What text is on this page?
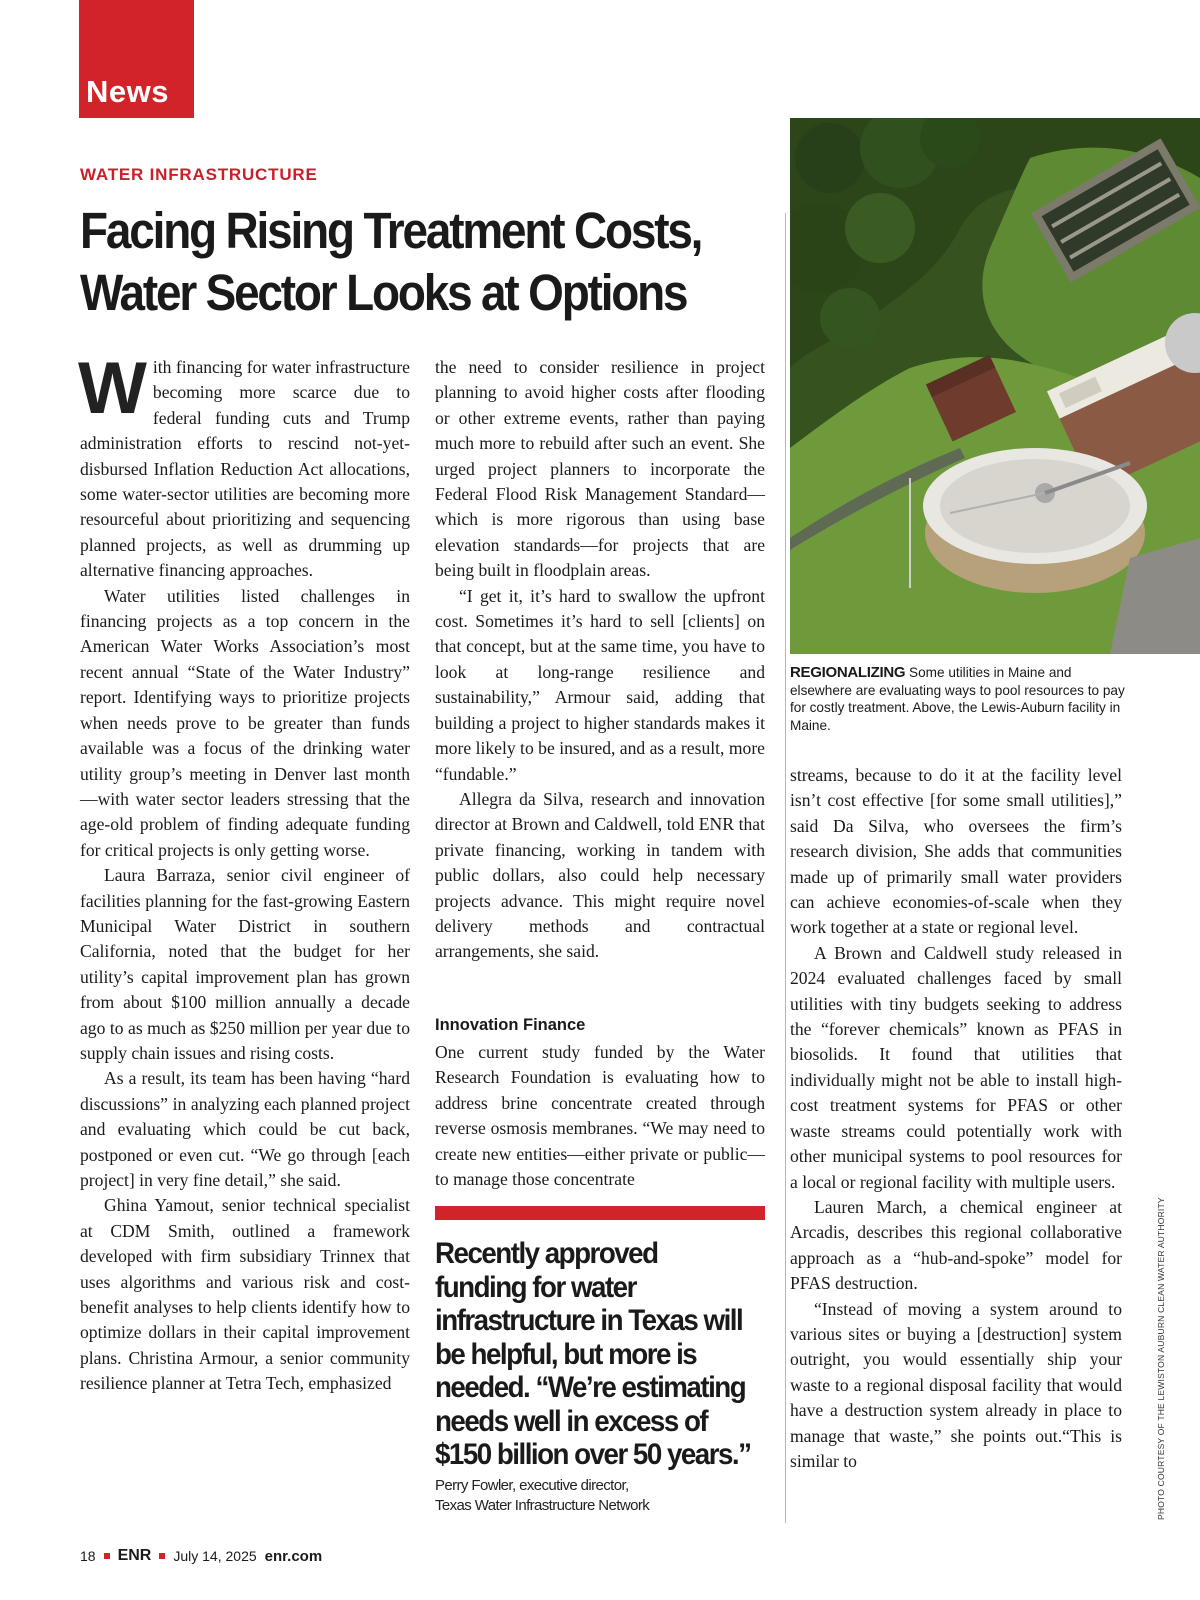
News
WATER INFRASTRUCTURE
Facing Rising Treatment Costs,
Water Sector Looks at Options

With financing for water infrastructure becoming more scarce due to federal funding cuts and Trump administration efforts to rescind not-yet-disbursed Inflation Reduction Act allocations, some water-sector utilities are becoming more resourceful about prioritizing and sequencing planned projects, as well as drumming up alternative financing approaches.

Water utilities listed challenges in financing projects as a top concern in the American Water Works Association’s most recent annual “State of the Water Industry” report. Identifying ways to prioritize projects when needs prove to be greater than funds available was a focus of the drinking water utility group’s meeting in Denver last month—with water sector leaders stressing that the age-old problem of finding adequate funding for critical projects is only getting worse.

Laura Barraza, senior civil engineer of facilities planning for the fast-growing Eastern Municipal Water District in southern California, noted that the budget for her utility’s capital improvement plan has grown from about $100 million annually a decade ago to as much as $250 million per year due to supply chain issues and rising costs.

As a result, its team has been having “hard discussions” in analyzing each planned project and evaluating which could be cut back, postponed or even cut. “We go through [each project] in very fine detail,” she said.

Ghina Yamout, senior technical specialist at CDM Smith, outlined a framework developed with firm subsidiary Trinnex that uses algorithms and various risk and cost-benefit analyses to help clients identify how to optimize dollars in their capital improvement plans. Christina Armour, a senior community resilience planner at Tetra Tech, emphasized

the need to consider resilience in project planning to avoid higher costs after flooding or other extreme events, rather than paying much more to rebuild after such an event. She urged project planners to incorporate the Federal Flood Risk Management Standard—which is more rigorous than using base elevation standards—for projects that are being built in floodplain areas.

“I get it, it’s hard to swallow the upfront cost. Sometimes it’s hard to sell [clients] on that concept, but at the same time, you have to look at long-range resilience and sustainability,” Armour said, adding that building a project to higher standards makes it more likely to be insured, and as a result, more “fundable.”

Allegra da Silva, research and innovation director at Brown and Caldwell, told ENR that private financing, working in tandem with public dollars, also could help necessary projects advance. This might require novel delivery methods and contractual arrangements, she said.

Innovation Finance

One current study funded by the Water Research Foundation is evaluating how to address brine concentrate created through reverse osmosis membranes. “We may need to create new entities—either private or public—to manage those concentrate

Recently approved funding for water infrastructure in Texas will be helpful, but more is needed. “We’re estimating needs well in excess of $150 billion over 50 years.”
Perry Fowler, executive director,
Texas Water Infrastructure Network
REGIONALIZING Some utilities in Maine and elsewhere are evaluating ways to pool resources to pay for costly treatment. Above, the Lewis-Auburn facility in Maine.

streams, because to do it at the facility level isn’t cost effective [for some small utilities],” said Da Silva, who oversees the firm’s research division, She adds that communities made up of primarily small water providers can achieve economies-of-scale when they work together at a state or regional level.

A Brown and Caldwell study released in 2024 evaluated challenges faced by small utilities with tiny budgets seeking to address the “forever chemicals” known as PFAS in biosolids. It found that utilities that individually might not be able to install high-cost treatment systems for PFAS or other waste streams could potentially work with other municipal systems to pool resources for a local or regional facility with multiple users.

Lauren March, a chemical engineer at Arcadis, describes this regional collaborative approach as a “hub-and-spoke” model for PFAS destruction.

“Instead of moving a system around to various sites or buying a [destruction] system outright, you would essentially ship your waste to a regional disposal facility that would have a destruction system already in place to manage that waste,” she points out.“This is similar to	PHOTO COURTESY OF THE LEWISTON AUBURN CLEAN WATER AUTHORITY
18 ENR July 14, 2025 enr.com
